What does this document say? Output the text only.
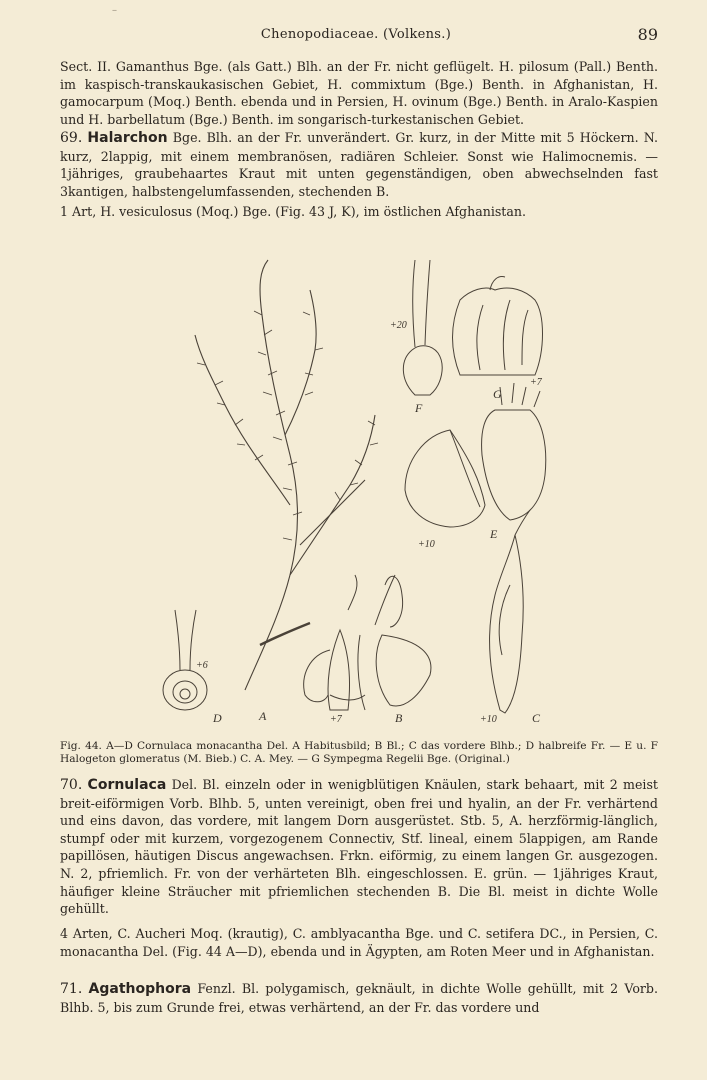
–
Chenopodiaceae. (Volkens.)	89
Sect. II. Gamanthus Bge. (als Gatt.) Blh. an der Fr. nicht geflügelt. H. pilosum (Pall.) Benth. im kaspisch-transkaukasischen Gebiet, H. commixtum (Bge.) Benth. in Afghanistan, H. gamocarpum (Moq.) Benth. ebenda und in Persien, H. ovinum (Bge.) Benth. in Aralo-Kaspien und H. barbellatum (Bge.) Benth. im songarisch-turkestanischen Gebiet.
69. Halarchon Bge. Blh. an der Fr. unverändert. Gr. kurz, in der Mitte mit 5 Höckern. N. kurz, 2lappig, mit einem membranösen, radiären Schleier. Sonst wie Halimocnemis. — 1jähriges, graubehaartes Kraut mit unten gegenständigen, oben abwechselnden fast 3kantigen, halbstengelumfassenden, stechenden B.
1 Art, H. vesiculosus (Moq.) Bge. (Fig. 43 J, K), im östlichen Afghanistan.
A	B	C
D
E
F
G
+20
+7	+10
+6
+7
+10
Fig. 44. A—D Cornulaca monacantha Del. A Habitusbild; B Bl.; C das vordere Blhb.; D halbreife Fr. — E u. F Halogeton glomeratus (M. Bieb.) C. A. Mey. — G Sympegma Regelii Bge. (Original.)
70. Cornulaca Del. Bl. einzeln oder in wenigblütigen Knäulen, stark behaart, mit 2 meist breit-eiförmigen Vorb. Blhb. 5, unten vereinigt, oben frei und hyalin, an der Fr. verhärtend und eins davon, das vordere, mit langem Dorn ausgerüstet. Stb. 5, A. herzförmig-länglich, stumpf oder mit kurzem, vorgezogenem Connectiv, Stf. lineal, einem 5lappigen, am Rande papillösen, häutigen Discus angewachsen. Frkn. eiförmig, zu einem langen Gr. ausgezogen. N. 2, pfriemlich. Fr. von der verhärteten Blh. eingeschlossen. E. grün. — 1jähriges Kraut, häufiger kleine Sträucher mit pfriemlichen stechenden B. Die Bl. meist in dichte Wolle gehüllt.
4 Arten, C. Aucheri Moq. (krautig), C. amblyacantha Bge. und C. setifera DC., in Persien, C. monacantha Del. (Fig. 44 A—D), ebenda und in Ägypten, am Roten Meer und in Afghanistan.
71. Agathophora Fenzl. Bl. polygamisch, geknäult, in dichte Wolle gehüllt, mit 2 Vorb. Blhb. 5, bis zum Grunde frei, etwas verhärtend, an der Fr. das vordere und
